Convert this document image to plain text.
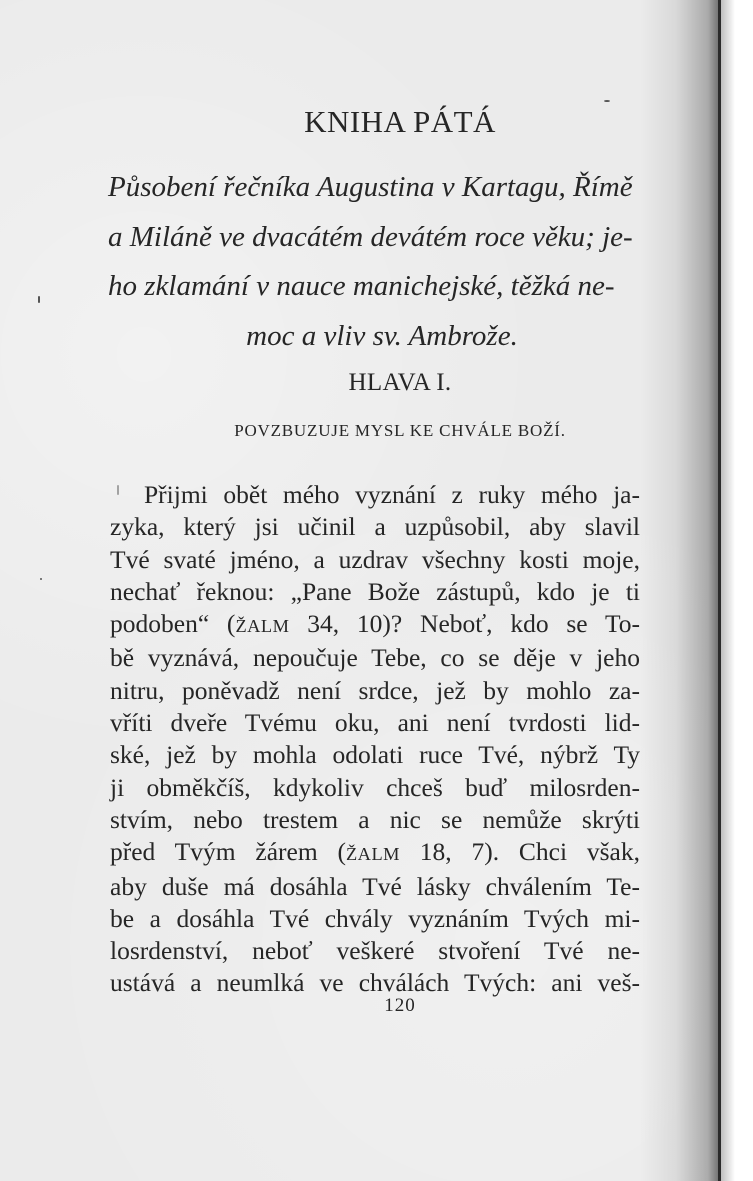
KNIHA PÁTÁ
Působení řečníka Augustina v Kartagu, Římě
a Miláně ve dvacátém devátém roce věku; je-
ho zklamání v nauce manichejské, těžká ne-
moc a vliv sv. Ambrože.
HLAVA I.
POVZBUZUJE MYSL KE CHVÁLE BOŽÍ.
Přijmi obět mého vyznání z ruky mého ja-
zyka, který jsi učinil a uzpůsobil, aby slavil
Tvé svaté jméno, a uzdrav všechny kosti moje,
nechať řeknou: „Pane Bože zástupů, kdo je ti
podoben“ (ŽALM 34, 10)? Neboť, kdo se To-
bě vyznává, nepoučuje Tebe, co se děje v jeho
nitru, poněvadž není srdce, jež by mohlo za-
vříti dveře Tvému oku, ani není tvrdosti lid-
ské, jež by mohla odolati ruce Tvé, nýbrž Ty
ji obměkčíš, kdykoliv chceš buď milosrden-
stvím, nebo trestem a nic se nemůže skrýti
před Tvým žárem (ŽALM 18, 7). Chci však,
aby duše má dosáhla Tvé lásky chválením Te-
be a dosáhla Tvé chvály vyznáním Tvých mi-
losrdenství, neboť veškeré stvoření Tvé ne-
ustává a neumlká ve chválách Tvých: ani veš-
120
